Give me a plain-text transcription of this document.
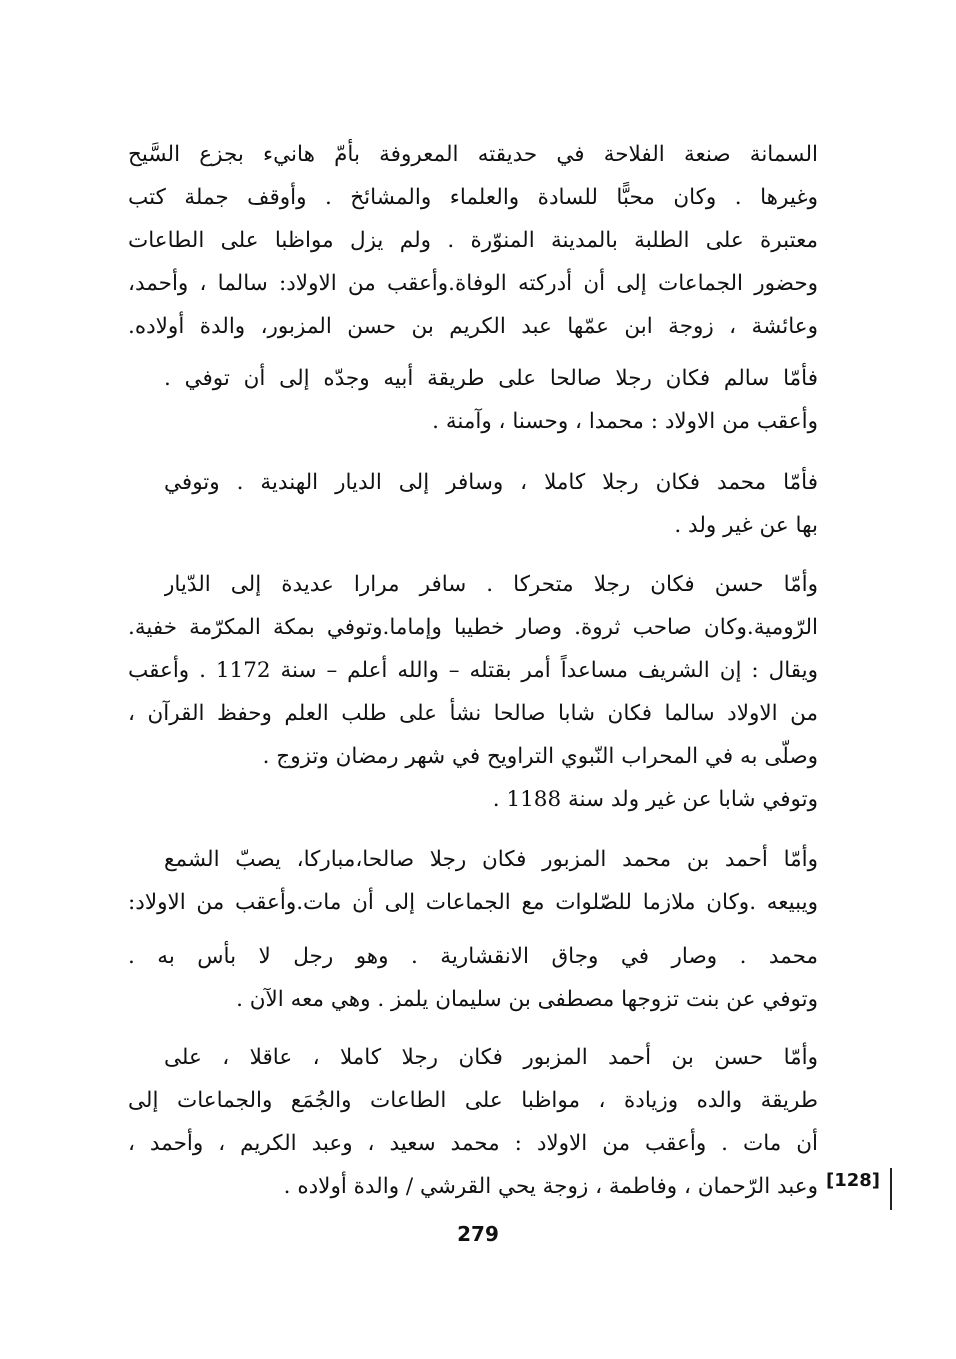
السمانة صنعة الفلاحة في حديقته المعروفة بأمّ هانيء بجزع السَّيح
وغيرها . وكان محبًّا للسادة والعلماء والمشائخ . وأوقف جملة كتب
معتبرة على الطلبة بالمدينة المنوّرة . ولم يزل مواظبا على الطاعات
وحضور الجماعات إلى أن أدركته الوفاة.وأعقب من الاولاد: سالما ، وأحمد،
وعائشة ، زوجة ابن عمّها عبد الكريم بن حسن المزبور، والدة أولاده.
فأمّا سالم فكان رجلا صالحا على طريقة أبيه وجدّه إلى أن توفي .
وأعقب من الاولاد : محمدا ، وحسنا ، وآمنة .
فأمّا محمد فكان رجلا كاملا ، وسافر إلى الديار الهندية . وتوفي
بها عن غير ولد .
وأمّا حسن فكان رجلا متحركا . سافر مرارا عديدة إلى الدّيار
الرّومية.وكان صاحب ثروة. وصار خطيبا وإماما.وتوفي بمكة المكرّمة خفية.
ويقال : إن الشريف مساعداً أمر بقتله – والله أعلم – سنة 1172 . وأعقب
من الاولاد سالما فكان شابا صالحا نشأ على طلب العلم وحفظ القرآن ،
وصلّى به في المحراب النّبوي التراويح في شهر رمضان وتزوج .
وتوفي شابا عن غير ولد سنة 1188 .
وأمّا أحمد بن محمد المزبور فكان رجلا صالحا،مباركا، يصبّ الشمع
ويبيعه .وكان ملازما للصّلوات مع الجماعات إلى أن مات.وأعقب من الاولاد:
محمد . وصار في وجاق الانقشارية . وهو رجل لا بأس به .
وتوفي عن بنت تزوجها مصطفى بن سليمان يلمز . وهي معه الآن .
وأمّا حسن بن أحمد المزبور فكان رجلا كاملا ، عاقلا ، على
طريقة والده وزيادة ، مواظبا على الطاعات والجُمَع والجماعات إلى
أن مات . وأعقب من الاولاد : محمد سعيد ، وعبد الكريم ، وأحمد ،
وعبد الرّحمان ، وفاطمة ، زوجة يحي القرشي / والدة أولاده . [128]
279
